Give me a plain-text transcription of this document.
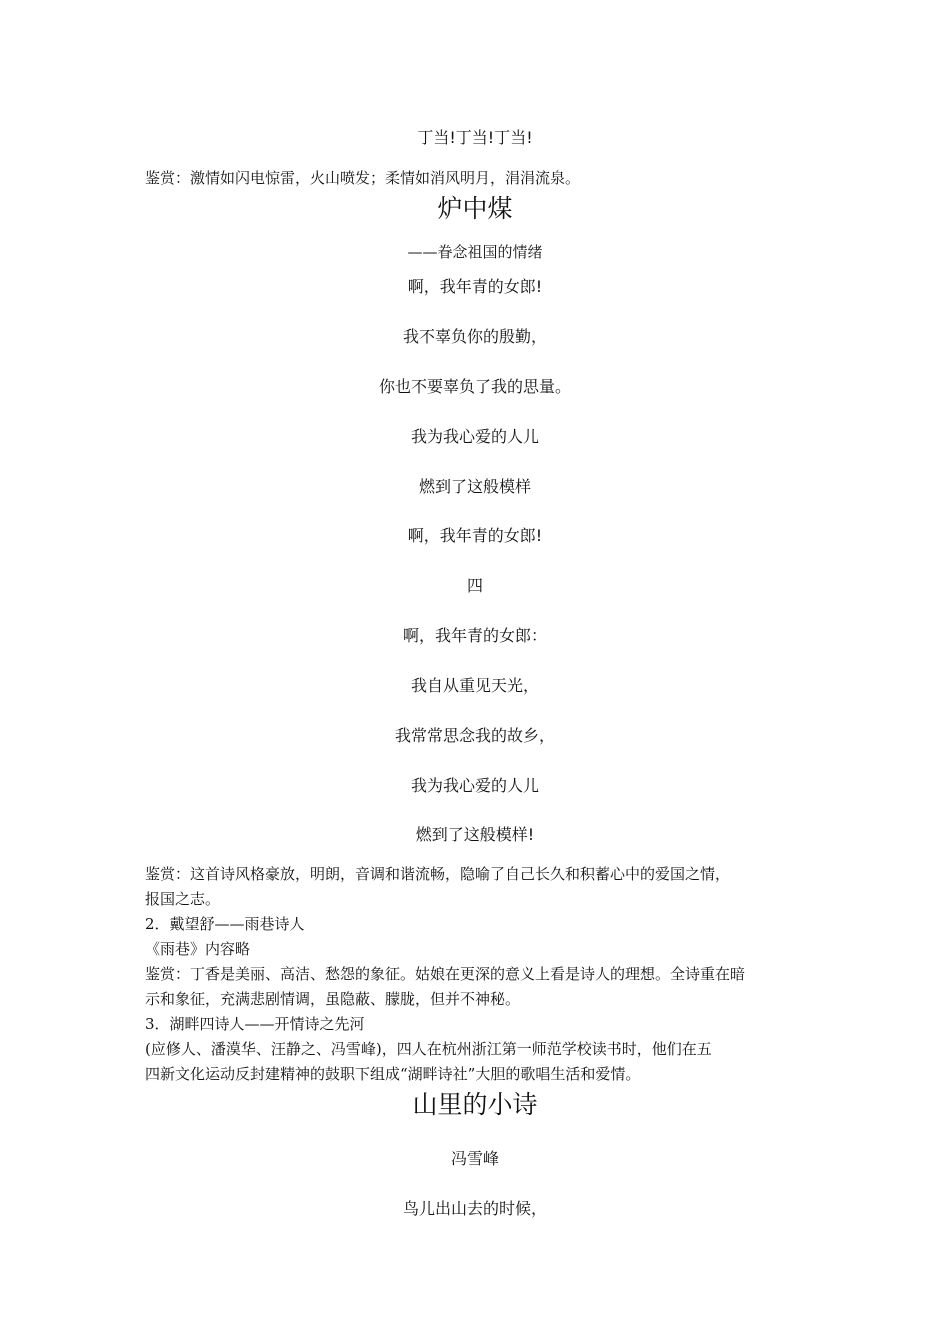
丁当!丁当!丁当!
鉴赏：激情如闪电惊雷，火山喷发；柔情如消风明月，涓涓流泉。
炉中煤
——眷念祖国的情绪
啊，我年青的女郎!
我不辜负你的殷勤，
你也不要辜负了我的思量。
我为我心爱的人儿
燃到了这般模样
啊，我年青的女郎!
四
啊，我年青的女郎：
我自从重见天光，
我常常思念我的故乡，
我为我心爱的人儿
燃到了这般模样!
鉴赏：这首诗风格豪放，明朗，音调和谐流畅，隐喻了自己长久和积蓄心中的爱国之情，
报国之志。
2．戴望舒——雨巷诗人
《雨巷》内容略
鉴赏：丁香是美丽、高洁、愁怨的象征。姑娘在更深的意义上看是诗人的理想。全诗重在暗
示和象征，充满悲剧情调，虽隐蔽、朦胧，但并不神秘。
3．湖畔四诗人——开情诗之先河
(应修人、潘漠华、汪静之、冯雪峰)，四人在杭州浙江第一师范学校读书时，他们在五
四新文化运动反封建精神的鼓职下组成“湖畔诗社”大胆的歌唱生活和爱情。
山里的小诗
冯雪峰
鸟儿出山去的时候，
